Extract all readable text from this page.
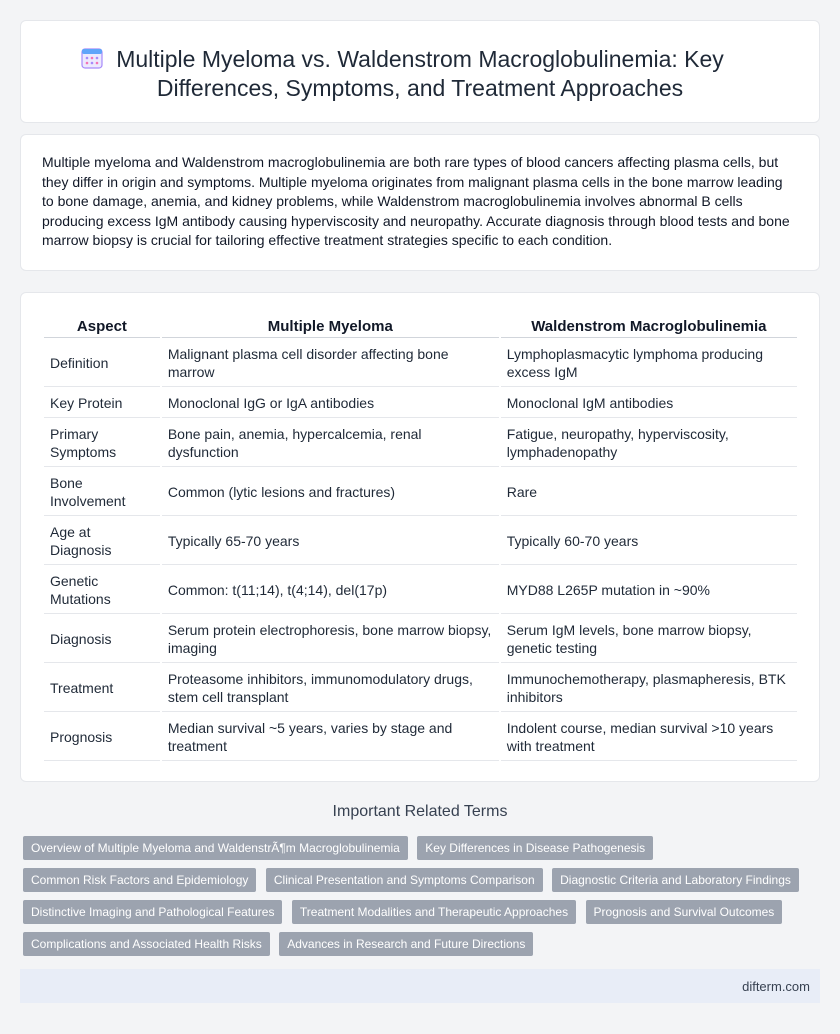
Multiple Myeloma vs. Waldenstrom Macroglobulinemia: Key Differences, Symptoms, and Treatment Approaches

Multiple myeloma and Waldenstrom macroglobulinemia are both rare types of blood cancers affecting plasma cells, but they differ in origin and symptoms. Multiple myeloma originates from malignant plasma cells in the bone marrow leading to bone damage, anemia, and kidney problems, while Waldenstrom macroglobulinemia involves abnormal B cells producing excess IgM antibody causing hyperviscosity and neuropathy. Accurate diagnosis through blood tests and bone marrow biopsy is crucial for tailoring effective treatment strategies specific to each condition.

Aspect	Multiple Myeloma	Waldenstrom Macroglobulinemia
Definition	Malignant plasma cell disorder affecting bone marrow	Lymphoplasmacytic lymphoma producing excess IgM
Key Protein	Monoclonal IgG or IgA antibodies	Monoclonal IgM antibodies
Primary Symptoms	Bone pain, anemia, hypercalcemia, renal dysfunction	Fatigue, neuropathy, hyperviscosity, lymphadenopathy
Bone Involvement	Common (lytic lesions and fractures)	Rare
Age at Diagnosis	Typically 65-70 years	Typically 60-70 years
Genetic Mutations	Common: t(11;14), t(4;14), del(17p)	MYD88 L265P mutation in ~90%
Diagnosis	Serum protein electrophoresis, bone marrow biopsy, imaging	Serum IgM levels, bone marrow biopsy, genetic testing
Treatment	Proteasome inhibitors, immunomodulatory drugs, stem cell transplant	Immunochemotherapy, plasmapheresis, BTK inhibitors
Prognosis	Median survival ~5 years, varies by stage and treatment	Indolent course, median survival >10 years with treatment
Important Related Terms
Overview of Multiple Myeloma and WaldenstrÃ¶m Macroglobulinemia Key Differences in Disease Pathogenesis
Common Risk Factors and Epidemiology Clinical Presentation and Symptoms Comparison Diagnostic Criteria and Laboratory Findings
Distinctive Imaging and Pathological Features Treatment Modalities and Therapeutic Approaches Prognosis and Survival Outcomes
Complications and Associated Health Risks Advances in Research and Future Directions
difterm.com
